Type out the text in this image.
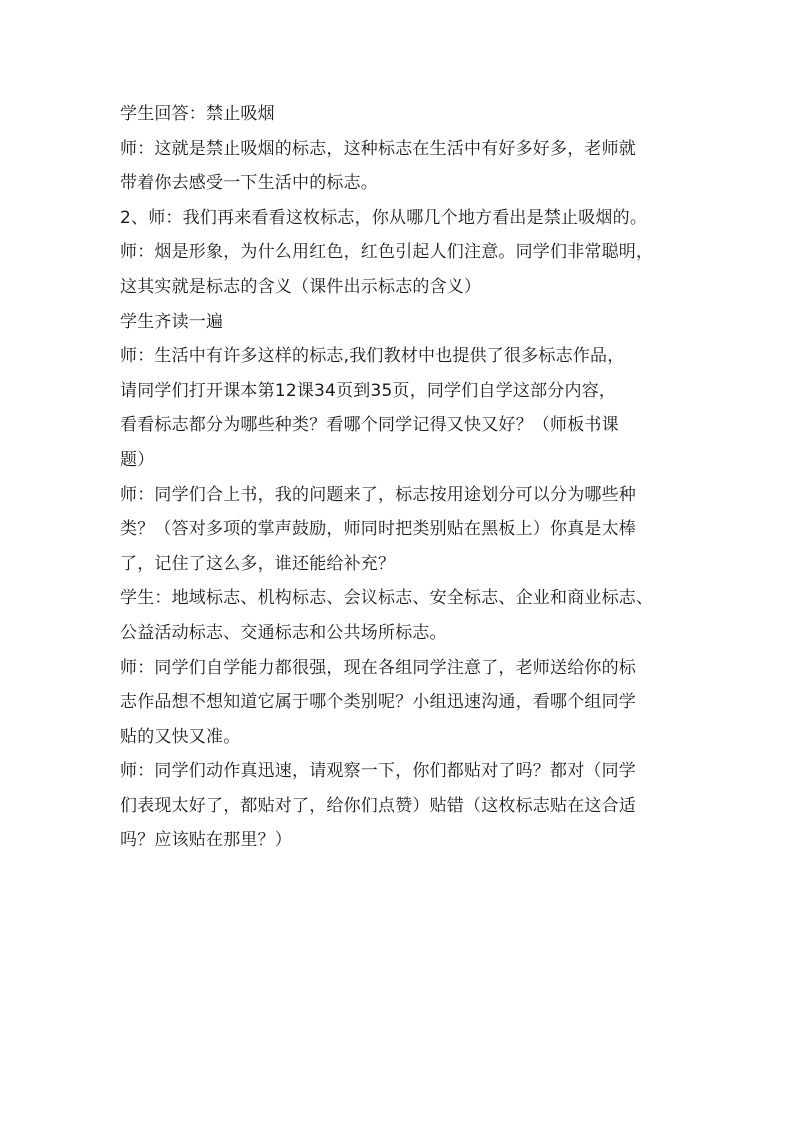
学生回答：禁止吸烟
师：这就是禁止吸烟的标志，这种标志在生活中有好多好多，老师就
带着你去感受一下生活中的标志。
2、师：我们再来看看这枚标志，你从哪几个地方看出是禁止吸烟的。
师：烟是形象，为什么用红色，红色引起人们注意。同学们非常聪明，
这其实就是标志的含义（课件出示标志的含义）
学生齐读一遍
师：生活中有许多这样的标志,我们教材中也提供了很多标志作品，
请同学们打开课本第12课34页到35页，同学们自学这部分内容，
看看标志都分为哪些种类？看哪个同学记得又快又好？（师板书课
题）
师：同学们合上书，我的问题来了，标志按用途划分可以分为哪些种
类？（答对多项的掌声鼓励，师同时把类别贴在黑板上）你真是太棒
了，记住了这么多，谁还能给补充？
学生：地域标志、机构标志、会议标志、安全标志、企业和商业标志、
公益活动标志、交通标志和公共场所标志。
师：同学们自学能力都很强，现在各组同学注意了，老师送给你的标
志作品想不想知道它属于哪个类别呢？小组迅速沟通，看哪个组同学
贴的又快又准。
师：同学们动作真迅速，请观察一下，你们都贴对了吗？都对（同学
们表现太好了，都贴对了，给你们点赞）贴错（这枚标志贴在这合适
吗？应该贴在那里？）
